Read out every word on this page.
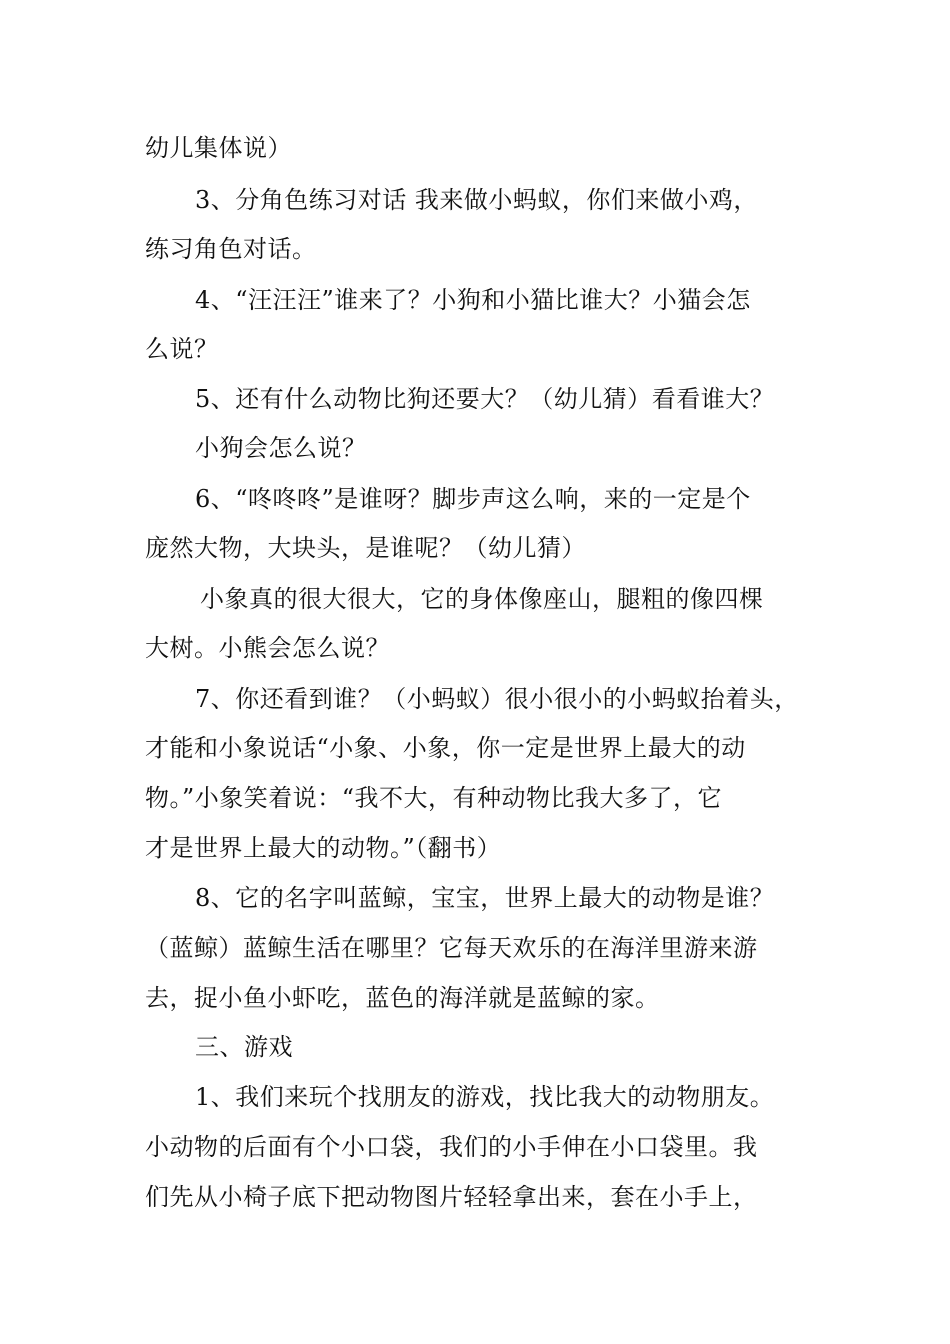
幼儿集体说）
3、分角色练习对话 我来做小蚂蚁，你们来做小鸡，
练习角色对话。
4、“汪汪汪”谁来了？小狗和小猫比谁大？小猫会怎
么说？
5、还有什么动物比狗还要大？（幼儿猜）看看谁大？
小狗会怎么说？
6、“咚咚咚”是谁呀？脚步声这么响，来的一定是个
庞然大物，大块头，是谁呢？（幼儿猜）
小象真的很大很大，它的身体像座山，腿粗的像四棵
大树。小熊会怎么说？
7、你还看到谁？（小蚂蚁）很小很小的小蚂蚁抬着头，
才能和小象说话“小象、小象，你一定是世界上最大的动
物。”小象笑着说：“我不大，有种动物比我大多了，它
才是世界上最大的动物。”（翻书）
8、它的名字叫蓝鲸，宝宝，世界上最大的动物是谁？
（蓝鲸）蓝鲸生活在哪里？它每天欢乐的在海洋里游来游
去，捉小鱼小虾吃，蓝色的海洋就是蓝鲸的家。
三、游戏
1、我们来玩个找朋友的游戏，找比我大的动物朋友。
小动物的后面有个小口袋，我们的小手伸在小口袋里。我
们先从小椅子底下把动物图片轻轻拿出来，套在小手上，
